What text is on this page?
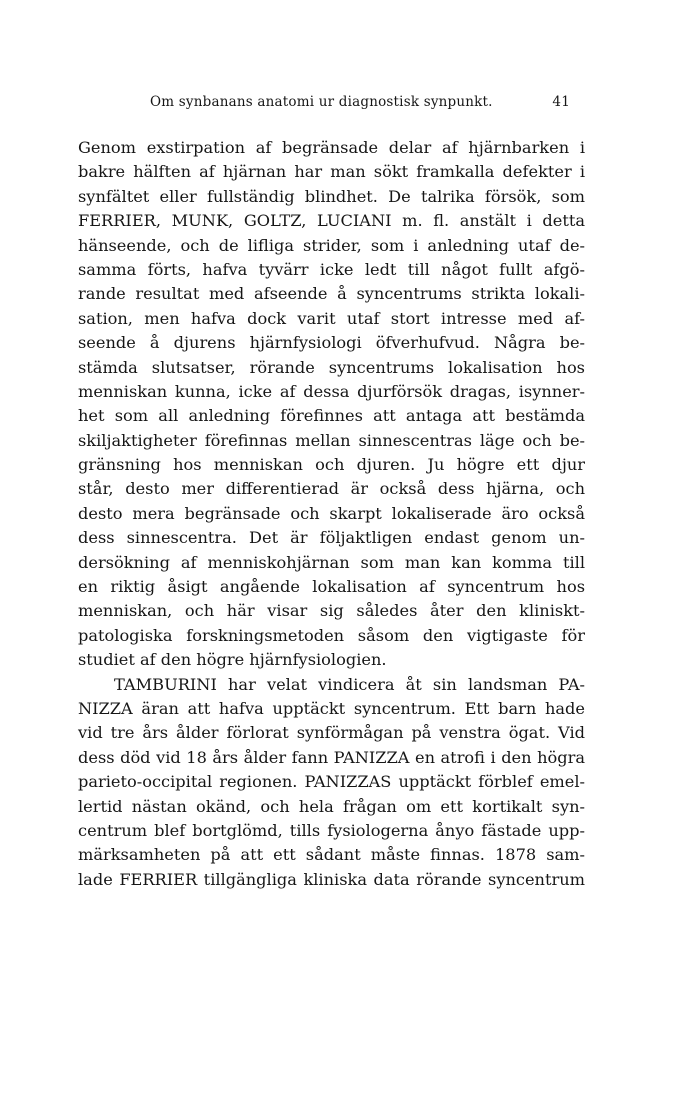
Om synbanans anatomi ur diagnostisk synpunkt.	41
Genom exstirpation af begränsade delar af hjärnbarken i
bakre hälften af hjärnan har man sökt framkalla defekter i
synfältet eller fullständig blindhet. De talrika försök, som
FERRIER, MUNK, GOLTZ, LUCIANI m. fl. anstält i detta
hänseende, och de lifliga strider, som i anledning utaf de-
samma förts, hafva tyvärr icke ledt till något fullt afgö-
rande resultat med afseende å syncentrums strikta lokali-
sation, men hafva dock varit utaf stort intresse med af-
seende å djurens hjärnfysiologi öfverhufvud. Några be-
stämda slutsatser, rörande syncentrums lokalisation hos
menniskan kunna, icke af dessa djurförsök dragas, isynner-
het som all anledning förefinnes att antaga att bestämda
skiljaktigheter förefinnas mellan sinnescentras läge och be-
gränsning hos menniskan och djuren. Ju högre ett djur
står, desto mer differentierad är också dess hjärna, och
desto mera begränsade och skarpt lokaliserade äro också
dess sinnescentra. Det är följaktligen endast genom un-
dersökning af menniskohjärnan som man kan komma till
en riktig åsigt angående lokalisation af syncentrum hos
menniskan, och här visar sig således åter den kliniskt-
patologiska forskningsmetoden såsom den vigtigaste för
studiet af den högre hjärnfysiologien.
TAMBURINI har velat vindicera åt sin landsman PA-
NIZZA äran att hafva upptäckt syncentrum. Ett barn hade
vid tre års ålder förlorat synförmågan på venstra ögat. Vid
dess död vid 18 års ålder fann PANIZZA en atrofi i den högra
parieto-occipital regionen. PANIZZAS upptäckt förblef emel-
lertid nästan okänd, och hela frågan om ett kortikalt syn-
centrum blef bortglömd, tills fysiologerna ånyo fästade upp-
märksamheten på att ett sådant måste finnas. 1878 sam-
lade FERRIER tillgängliga kliniska data rörande syncentrum
